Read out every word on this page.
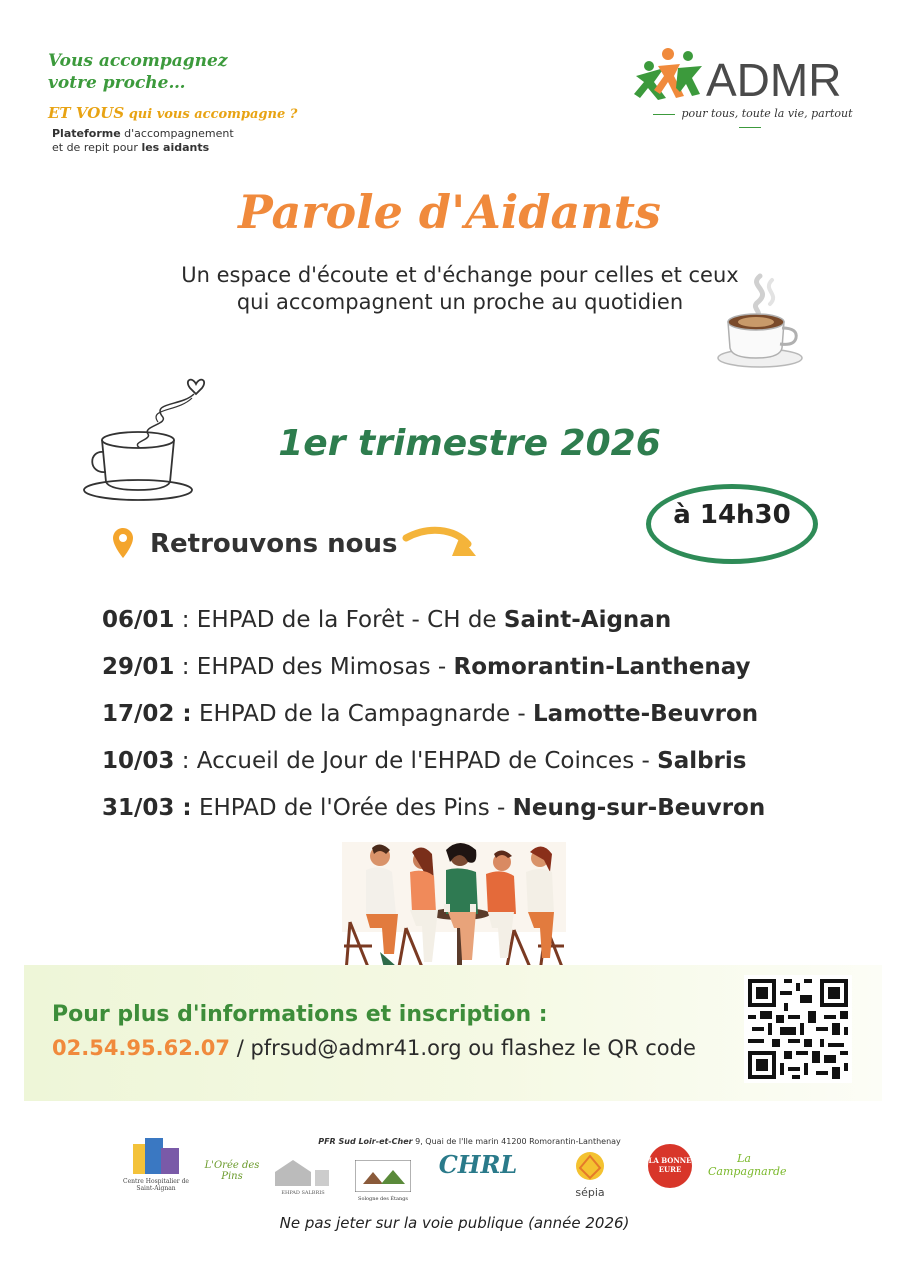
Vous accompagnez
votre proche…
ET VOUS qui vous accompagne ?
Plateforme d'accompagnement
et de repit pour les aidants
ADMR
pour tous, toute la vie, partout
Parole d'Aidants
Un espace d'écoute et d'échange pour celles et ceux
qui accompagnent un proche au quotidien
1er trimestre 2026
à 14h30
Retrouvons nous
06/01 : EHPAD de la Forêt - CH de Saint-Aignan
29/01 : EHPAD des Mimosas - Romorantin-Lanthenay
17/02 : EHPAD de la Campagnarde - Lamotte-Beuvron
10/03 : Accueil de Jour de l'EHPAD de Coinces - Salbris
31/03 : EHPAD de l'Orée des Pins - Neung-sur-Beuvron
Pour plus d'informations et inscription :
02.54.95.62.07 / pfrsud@admr41.org ou flashez le QR code
PFR Sud Loir-et-Cher 9, Quai de l'Ile marin 41200 Romorantin-Lanthenay
Centre Hospitalier de Saint-Aignan
L'Orée des Pins
EHPAD SALBRIS
Sologne des Étangs
CHRL
sépia
LA BONNE EURE
La Campagnarde
Ne pas jeter sur la voie publique (année 2026)
